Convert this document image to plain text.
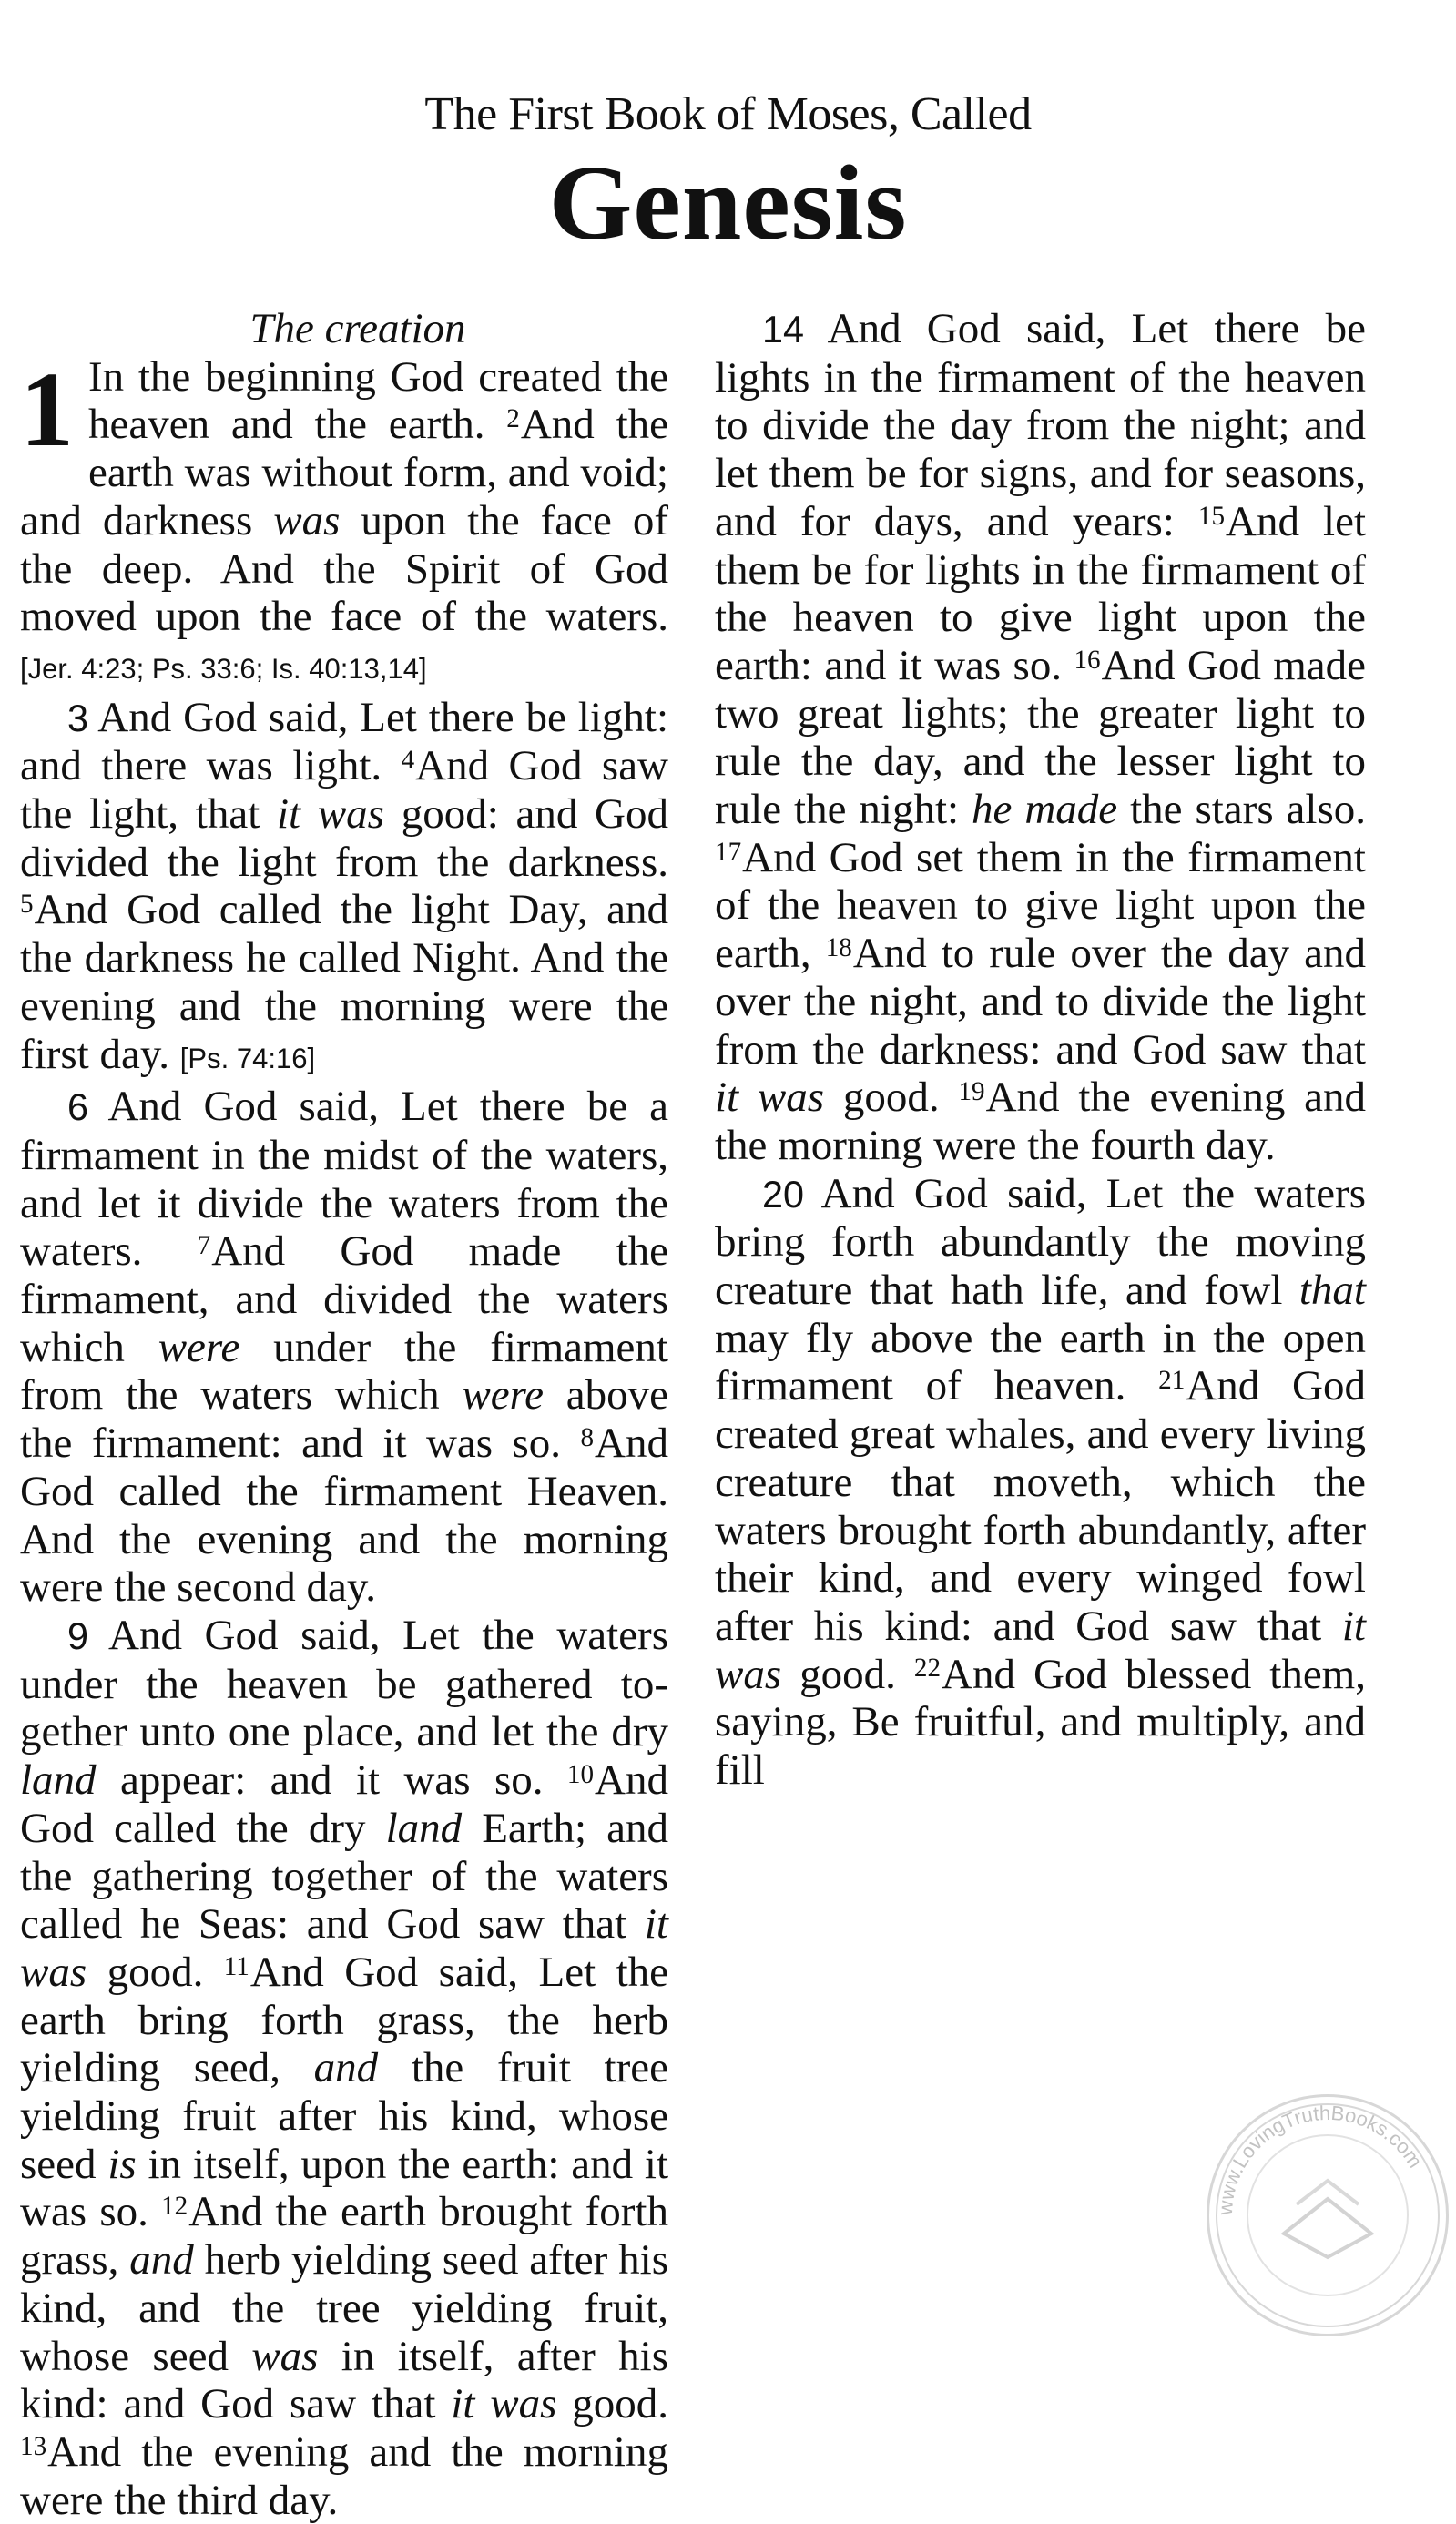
The First Book of Moses, Called
Genesis

The creation

1 In the beginning God created the heaven and the earth. $^2$And the earth was without form, and void; and darkness was upon the face of the deep. And the Spirit of God moved upon the face of the waters. [Jer. 4:23; Ps. 33:6; Is. 40:13,14]

3 And God said, Let there be light: and there was light. $^4$And God saw the light, that it was good: and God divided the light from the darkness. $^5$And God called the light Day, and the darkness he called Night. And the evening and the morning were the first day. [Ps. 74:16]

6 And God said, Let there be a firmament in the midst of the waters, and let it divide the waters from the waters. $^7$And God made the firmament, and divided the waters which were under the firmament from the waters which were above the firmament: and it was so. $^8$And God called the firmament Heaven. And the evening and the morning were the second day.

9 And God said, Let the waters under the heaven be gathered together unto one place, and let the dry land appear: and it was so. $^{10}$And God called the dry land Earth; and the gathering together of the waters called he Seas: and God saw that it was good. $^{11}$And God said, Let the earth bring forth grass, the herb yielding seed, and the fruit tree yielding fruit after his kind, whose seed is in itself, upon the earth: and it was so. $^{12}$And the earth brought forth grass, and herb yielding seed after his kind, and the tree yielding fruit, whose seed was in itself, after his kind: and God saw that it was good. $^{13}$And the evening and the morning were the third day.

14 And God said, Let there be lights in the firmament of the heaven to divide the day from the night; and let them be for signs, and for seasons, and for days, and years: $^{15}$And let them be for lights in the firmament of the heaven to give light upon the earth: and it was so. $^{16}$And God made two great lights; the greater light to rule the day, and the lesser light to rule the night: he made the stars also. $^{17}$And God set them in the firmament of the heaven to give light upon the earth, $^{18}$And to rule over the day and over the night, and to divide the light from the darkness: and God saw that it was good. $^{19}$And the evening and the morning were the fourth day.

20 And God said, Let the waters bring forth abundantly the moving creature that hath life, and fowl that may fly above the earth in the open firmament of heaven. $^{21}$And God created great whales, and every living creature that moveth, which the waters brought forth abundantly, after their kind, and every winged fowl after his kind: and God saw that it was good. $^{22}$And God blessed them, saying, Be fruitful, and multiply, and fill

www.LovingTruthBooks.com
